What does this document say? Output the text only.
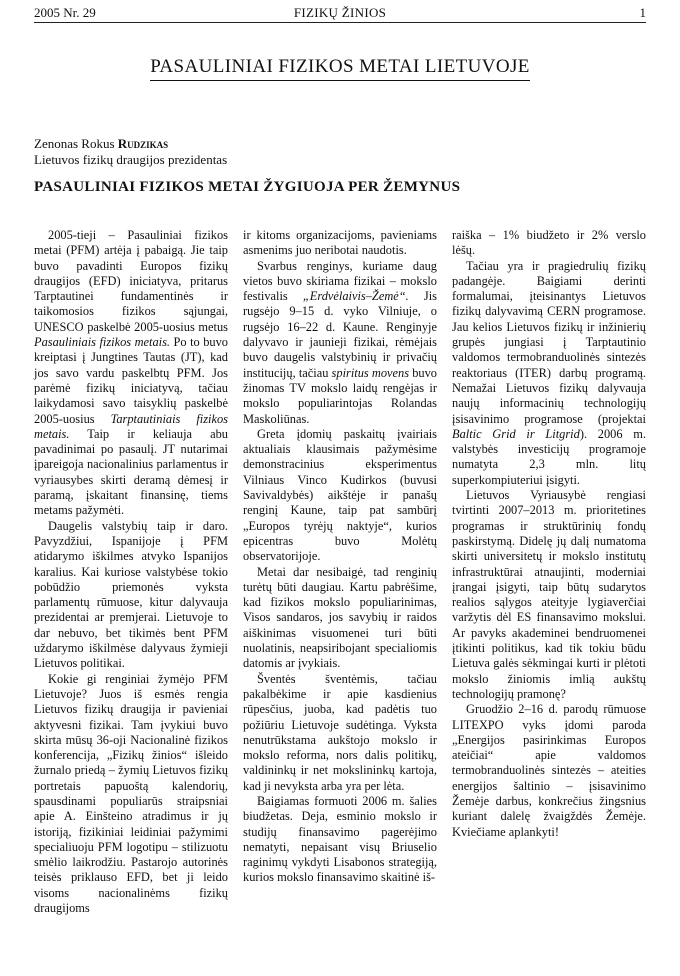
2005 Nr. 29	FIZIKŲ ŽINIOS	1
PASAULINIAI FIZIKOS METAI LIETUVOJE
Zenonas Rokus Rudzikas
Lietuvos fizikų draugijos prezidentas
PASAULINIAI FIZIKOS METAI ŽYGIUOJA PER ŽEMYNUS

2005-tieji – Pasauliniai fizikos metai (PFM) artėja į pabaigą. Jie taip buvo pavadinti Europos fizikų draugijos (EFD) iniciatyva, pritarus Tarptautinei fundamentinės ir taikomosios fizikos sąjungai, UNESCO paskelbė 2005-uosius metus Pasauliniais fizikos metais. Po to buvo kreiptasi į Jungtines Tautas (JT), kad jos savo vardu paskelbtų PFM. Jos parėmė fizikų iniciatyvą, tačiau laikydamosi savo taisyklių paskelbė 2005-uosius Tarptautiniais fizikos metais. Taip ir keliauja abu pavadinimai po pasaulį. JT nutarimai įpareigoja nacionalinius parlamentus ir vyriausybes skirti deramą dėmesį ir paramą, įskaitant finansinę, tiems metams pažymėti.

Daugelis valstybių taip ir daro. Pavyzdžiui, Ispanijoje į PFM atidarymo iškilmes atvyko Ispanijos karalius. Kai kuriose valstybėse tokio pobūdžio priemonės vyksta parlamentų rūmuose, kitur dalyvauja prezidentai ar premjerai. Lietuvoje to dar nebuvo, bet tikimės bent PFM uždarymo iškilmėse dalyvaus žymieji Lietuvos politikai.

Kokie gi renginiai žymėjo PFM Lietuvoje? Juos iš esmės rengia Lietuvos fizikų draugija ir pavieniai aktyvesni fizikai. Tam įvykiui buvo skirta mūsų 36-oji Nacionalinė fizikos konferencija, „Fizikų žinios“ išleido žurnalo priedą – žymių Lietuvos fizikų portretais papuoštą kalendorių, spausdinami populiarūs straipsniai apie A. Einšteino atradimus ir jų istoriją, fizikiniai leidiniai pažymimi specialiuoju PFM logotipu – stilizuotu smėlio laikrodžiu. Pastarojo autorinės teisės priklauso EFD, bet ji leido visoms nacionalinėms fizikų draugijoms

ir kitoms organizacijoms, pavieniams asmenims juo neribotai naudotis.

Svarbus renginys, kuriame daug vietos buvo skiriama fizikai – mokslo festivalis „Erdvėlaivis–Žemė“. Jis rugsėjo 9–15 d. vyko Vilniuje, o rugsėjo 16–22 d. Kaune. Renginyje dalyvavo ir jaunieji fizikai, rėmėjais buvo daugelis valstybinių ir privačių institucijų, tačiau spiritus movens buvo žinomas TV mokslo laidų rengėjas ir mokslo populiarintojas Rolandas Maskoliūnas.

Greta įdomių paskaitų įvairiais aktualiais klausimais pažymėsime demonstracinius eksperimentus Vilniaus Vinco Kudirkos (buvusi Savivaldybės) aikštėje ir panašų renginį Kaune, taip pat sambūrį „Europos tyrėjų naktyje“, kurios epicentras buvo Molėtų observatorijoje.

Metai dar nesibaigė, tad renginių turėtų būti daugiau. Kartu pabrėšime, kad fizikos mokslo populiarinimas, Visos sandaros, jos savybių ir raidos aiškinimas visuomenei turi būti nuolatinis, neapsiribojant specialiomis datomis ar įvykiais.

Šventės šventėmis, tačiau pakalbėkime ir apie kasdienius rūpesčius, juoba, kad padėtis tuo požiūriu Lietuvoje sudėtinga. Vyksta nenutrūkstama aukštojo mokslo ir mokslo reforma, nors dalis politikų, valdininkų ir net mokslininkų kartoja, kad ji nevyksta arba yra per lėta.

Baigiamas formuoti 2006 m. šalies biudžetas. Deja, esminio mokslo ir studijų finansavimo pagerėjimo nematyti, nepaisant visų Briuselio raginimų vykdyti Lisabonos strategiją, kurios mokslo finansavimo skaitinė iš-

raiška – 1% biudžeto ir 2% verslo lėšų.

Tačiau yra ir pragiedrulių fizikų padangėje. Baigiami derinti formalumai, įteisinantys Lietuvos fizikų dalyvavimą CERN programose. Jau kelios Lietuvos fizikų ir inžinierių grupės jungiasi į Tarptautinio valdomos termobranduolinės sintezės reaktoriaus (ITER) darbų programą. Nemažai Lietuvos fizikų dalyvauja naujų informacinių technologijų įsisavinimo programose (projektai Baltic Grid ir Litgrid). 2006 m. valstybės investicijų programoje numatyta 2,3 mln. litų superkompiuteriui įsigyti.

Lietuvos Vyriausybė rengiasi tvirtinti 2007–2013 m. prioritetines programas ir struktūrinių fondų paskirstymą. Didelę jų dalį numatoma skirti universitetų ir mokslo institutų infrastruktūrai atnaujinti, moderniai įrangai įsigyti, taip būtų sudarytos realios sąlygos ateityje lygiaverčiai varžytis dėl ES finansavimo mokslui. Ar pavyks akademinei bendruomenei įtikinti politikus, kad tik tokiu būdu Lietuva galės sėkmingai kurti ir plėtoti mokslo žiniomis imlią aukštų technologijų pramonę?

Gruodžio 2–16 d. parodų rūmuose LITEXPO vyks įdomi paroda „Energijos pasirinkimas Europos ateičiai“ apie valdomos termobranduolinės sintezės – ateities energijos šaltinio – įsisavinimo Žemėje darbus, konkrečius žingsnius kuriant dalelę žvaigždės Žemėje. Kviečiame aplankyti!
